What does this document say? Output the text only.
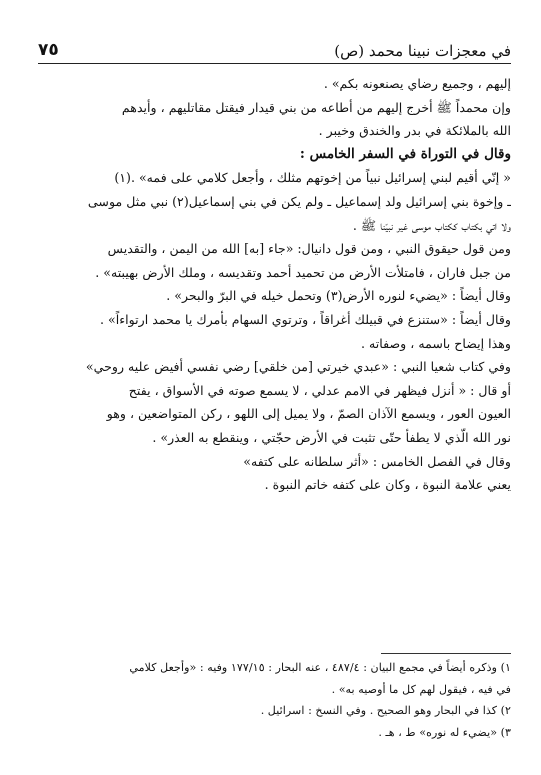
٧٥	في معجزات نبينا محمد (ص)
إليهم ، وجميع رضاي يصنعونه بكم» .
وإن محمداً ﷺ أخرج إليهم من أطاعه من بني قيدار فيقتل مقاتليهم ، وأيدهم
الله بالملائكة في بدر والخندق وخيبر .
وقال في التوراة في السفر الخامس :
« إنّي أقيم لبني إسرائيل نبياً من إخوتهم مثلك ، وأجعل كلامي على فمه» .(١)
ـ وإخوة بني إسرائيل ولد إسماعيل ـ ولم يكن في بني إسماعيل(٢) نبي مثل موسى
ولا اتي بكتاب ككتاب موسى غير نبيّنا ﷺ .
ومن قول حيقوق النبي ، ومن قول دانيال: «جاء [به] الله من اليمن ، والتقديس
من جبل فاران ، فامتلأت الأرض من تحميد أحمد وتقديسه ، وملك الأرض بهيبته» .
وقال أيضاً : «يضيء لنوره الأرض(٣) وتحمل خيله في البرّ والبحر» .
وقال أيضاً : «ستنزع في قبيلك أغراقاً ، وترتوي السهام بأمرك يا محمد ارتواءاً» .
وهذا إيضاح باسمه ، وصفاته .
وفي كتاب شعيا النبي : «عبدي خيرتي [من خلقي] رضي نفسي أفيض عليه روحي»
أو قال : « أنزل فيظهر في الامم عدلي ، لا يسمع صوته في الأسواق ، يفتح
العيون العور ، ويسمع الآذان الصمّ ، ولا يميل إلى اللهو ، ركن المتواضعين ، وهو
نور الله الّذي لا يطفأ حتّى تثبت في الأرض حجّتي ، وينقطع به العذر» .
وقال في الفصل الخامس : «أثر سلطانه على كتفه»
يعني علامة النبوة ، وكان على كتفه خاتم النبوة .
١) وذكره أيضاً في مجمع البيان : ٤٨٧/٤ ، عنه البحار : ١٧٧/١٥ وفيه : «وأجعل كلامي
في فيه ، فيقول لهم كل ما أوصيه به» .
٢) كذا في البحار وهو الصحيح . وفي النسخ : اسرائيل .
٣) «يضيء له نوره» ط ، هـ .
